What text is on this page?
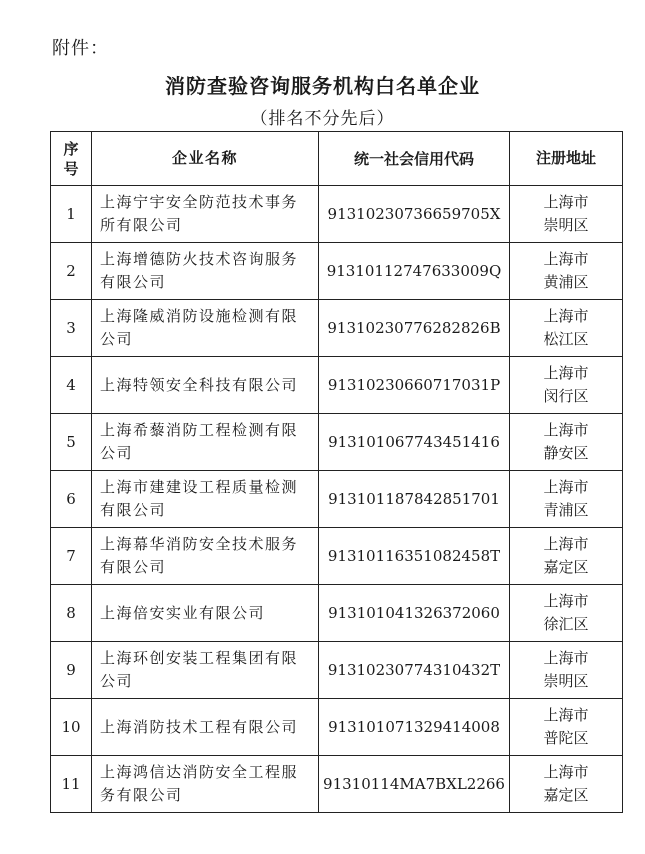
附件：
消防查验咨询服务机构白名单企业
（排名不分先后）
序
号	企业名称	统一社会信用代码	注册地址
1	上海宁宇安全防范技术事务所有限公司	91310230736659705X	上海市
崇明区

2	上海增德防火技术咨询服务有限公司	91310112747633009Q	上海市
黄浦区

3	上海隆威消防设施检测有限公司	91310230776282826B	上海市
松江区

4	上海特领安全科技有限公司	91310230660717031P	上海市
闵行区

5	上海希藜消防工程检测有限公司	913101067743451416	上海市
静安区

6	上海市建建设工程质量检测有限公司	913101187842851701	上海市
青浦区

7	上海幕华消防安全技术服务有限公司	91310116351082458T	上海市
嘉定区

8	上海倍安实业有限公司	913101041326372060	上海市
徐汇区

9	上海环创安装工程集团有限公司	91310230774310432T	上海市
崇明区

10	上海消防技术工程有限公司	913101071329414008	上海市
普陀区

11	上海鸿信达消防安全工程服务有限公司	91310114MA7BXL2266	上海市
嘉定区
